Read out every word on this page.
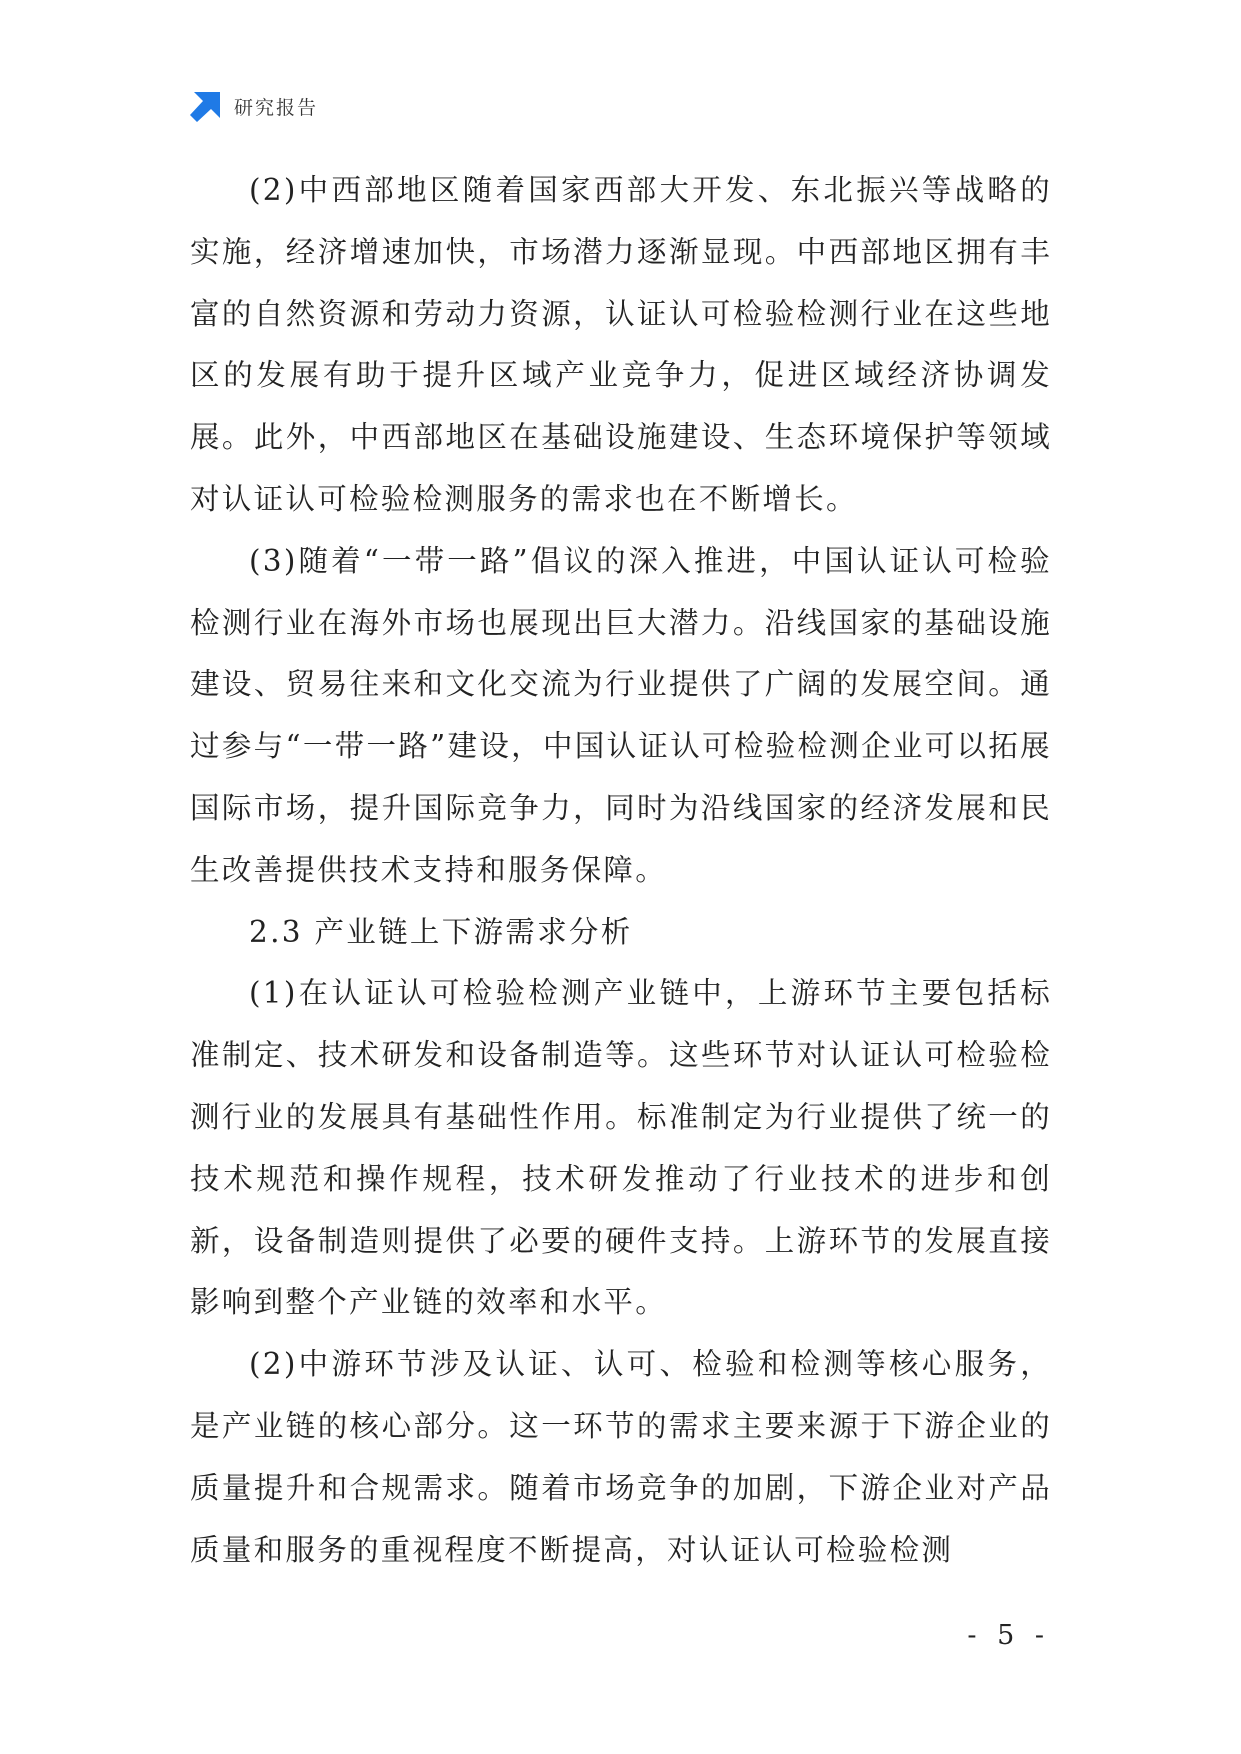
研究报告

(2)中西部地区随着国家西部大开发、东北振兴等战略的实施，经济增速加快，市场潜力逐渐显现。中西部地区拥有丰富的自然资源和劳动力资源，认证认可检验检测行业在这些地区的发展有助于提升区域产业竞争力，促进区域经济协调发展。此外，中西部地区在基础设施建设、生态环境保护等领域对认证认可检验检测服务的需求也在不断增长。

(3)随着“一带一路”倡议的深入推进，中国认证认可检验检测行业在海外市场也展现出巨大潜力。沿线国家的基础设施建设、贸易往来和文化交流为行业提供了广阔的发展空间。通过参与“一带一路”建设，中国认证认可检验检测企业可以拓展国际市场，提升国际竞争力，同时为沿线国家的经济发展和民生改善提供技术支持和服务保障。

2.3 产业链上下游需求分析

(1)在认证认可检验检测产业链中，上游环节主要包括标准制定、技术研发和设备制造等。这些环节对认证认可检验检测行业的发展具有基础性作用。标准制定为行业提供了统一的技术规范和操作规程，技术研发推动了行业技术的进步和创新，设备制造则提供了必要的硬件支持。上游环节的发展直接影响到整个产业链的效率和水平。

(2)中游环节涉及认证、认可、检验和检测等核心服务，是产业链的核心部分。这一环节的需求主要来源于下游企业的质量提升和合规需求。随着市场竞争的加剧，下游企业对产品质量和服务的重视程度不断提高，对认证认可检验检测

- 5 -
